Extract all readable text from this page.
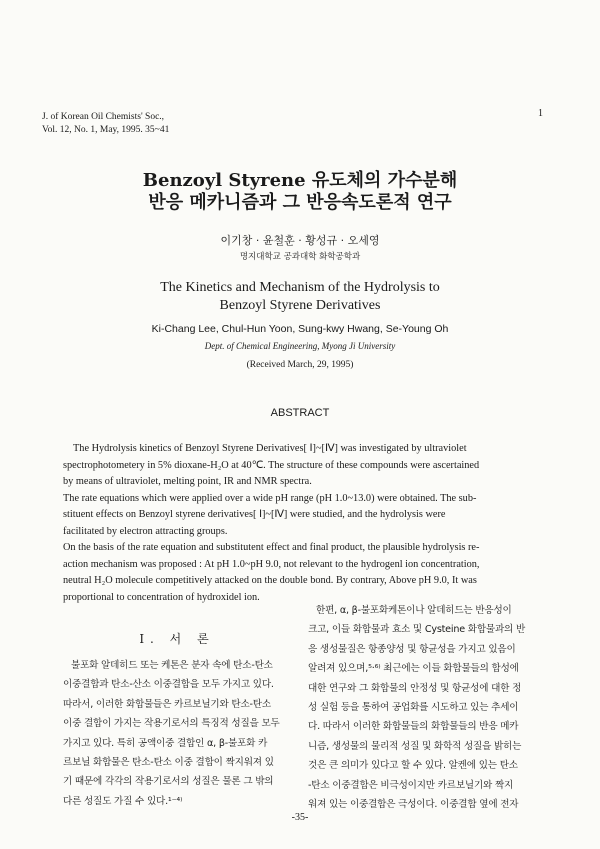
J. of Korean Oil Chemists' Soc.,
Vol. 12, No. 1, May, 1995. 35~41
1
Benzoyl Styrene 유도체의 가수분해
반응 메카니즘과 그 반응속도론적 연구
이기창 · 윤철훈 · 황성규 · 오세영
명지대학교 공과대학 화학공학과
The Kinetics and Mechanism of the Hydrolysis to
Benzoyl Styrene Derivatives
Ki-Chang Lee, Chul-Hun Yoon, Sung-kwy Hwang, Se-Young Oh
Dept. of Chemical Engineering, Myong Ji University
(Received March, 29, 1995)
ABSTRACT
The Hydrolysis kinetics of Benzoyl Styrene Derivatives[ Ⅰ]~[Ⅳ] was investigated by ultraviolet
spectrophotometery in 5% dioxane-H₂O at 40℃. The structure of these compounds were ascertained
by means of ultraviolet, melting point, IR and NMR spectra.
The rate equations which were applied over a wide pH range (pH 1.0~13.0) were obtained. The sub-
stituent effects on Benzoyl styrene derivatives[ Ⅰ]~[Ⅳ] were studied, and the hydrolysis were
facilitated by electron attracting groups.
On the basis of the rate equation and substitutent effect and final product, the plausible hydrolysis re-
action mechanism was proposed : At pH 1.0~pH 9.0, not relevant to the hydrogenl ion concentration,
neutral H₂O molecule competitively attacked on the double bond. By contrary, Above pH 9.0, It was
proportional to concentration of hydroxidel ion.
Ⅰ. 서 론
불포화 알데히드 또는 케톤은 분자 속에 탄소-탄소
이중결합과 탄소-산소 이중결합을 모두 가지고 있다.
따라서, 이러한 화합물들은 카르보닐기와 탄소-탄소
이중 결합이 가지는 작용기로서의 특징적 성질을 모두
가지고 있다. 특히 공액이중 결합인 α, β-불포화 카
르보닐 화합물은 탄소-탄소 이중 결합이 짝지워져 있
기 때문에 각각의 작용기로서의 성질은 물론 그 밖의
다른 성질도 가질 수 있다.¹⁻⁴⁾
한편, α, β-불포화케톤이나 알데히드는 반응성이
크고, 이들 화합물과 효소 및 Cysteine 화합물과의 반
응 생성물질은 항종양성 및 항균성을 가지고 있음이
알려져 있으며,⁵·⁶⁾ 최근에는 이들 화합물들의 합성에
대한 연구와 그 화합물의 안정성 및 항균성에 대한 정
성 실험 등을 통하여 공업화를 시도하고 있는 추세이
다. 따라서 이러한 화합물들의 화합물들의 반응 메카
니즘, 생성물의 물리적 성질 및 화학적 성질을 밝히는
것은 큰 의미가 있다고 할 수 있다. 알켄에 있는 탄소
-탄소 이중결합은 비극성이지만 카르보닐기와 짝지
워져 있는 이중결합은 극성이다. 이중결합 옆에 전자
-35-
